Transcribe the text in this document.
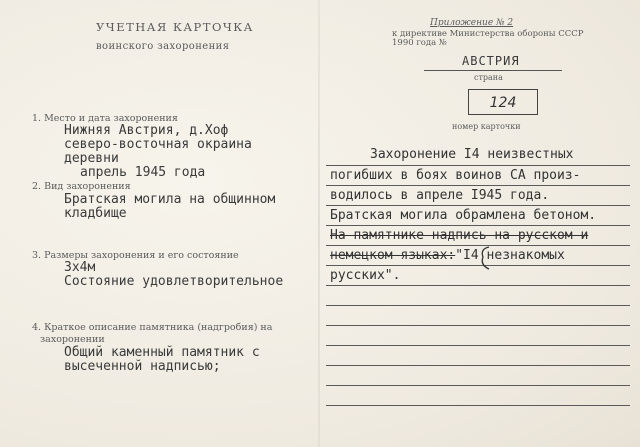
УЧЕТНАЯ КАРТОЧКА
воинского захоронения
Приложение № 2
к директиве Министерства обороны СССР
1990 года №
АВСТРИЯ
страна
124
номер карточки
1. Место и дата захоронения
Нижняя Австрия, д.Хоф
северо-восточная окраина
деревни
апрель 1945 года
2. Вид захоронения
Братская могила на общинном
кладбище
3. Размеры захоронения и его состояние
3х4м
Состояние удовлетворительное
4. Краткое описание памятника (надгробия) на
захоронении
Общий каменный памятник с
высеченной надписью;
Захоронение I4 неизвестных
погибших в боях воинов СА произ-
водилось в апреле I945 года.
Братская могила обрамлена бетоном.
На памятнике надпись на русском и
немецком языках:"I4 незнакомых
русских".
